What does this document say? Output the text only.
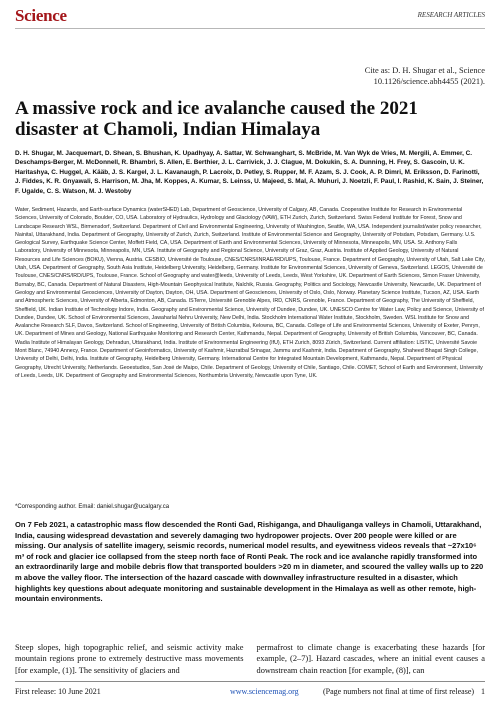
Science	RESEARCH ARTICLES
Cite as: D. H. Shugar et al., Science
10.1126/science.abh4455 (2021).
A massive rock and ice avalanche caused the 2021 disaster at Chamoli, Indian Himalaya

D. H. Shugar, M. Jacquemart, D. Shean, S. Bhushan, K. Upadhyay, A. Sattar, W. Schwanghart, S. McBride, M. Van Wyk de Vries, M. Mergili, A. Emmer, C. Deschamps-Berger, M. McDonnell, R. Bhambri, S. Allen, E. Berthier, J. L. Carrivick, J. J. Clague, M. Dokukin, S. A. Dunning, H. Frey, S. Gascoin, U. K. Haritashya, C. Huggel, A. Kääb, J. S. Kargel, J. L. Kavanaugh, P. Lacroix, D. Petley, S. Rupper, M. F. Azam, S. J. Cook, A. P. Dimri, M. Eriksson, D. Farinotti, J. Fiddes, K. R. Gnyawali, S. Harrison, M. Jha, M. Koppes, A. Kumar, S. Leinss, U. Majeed, S. Mal, A. Muhuri, J. Noetzli, F. Paul, I. Rashid, K. Sain, J. Steiner, F. Ugalde, C. S. Watson, M. J. Westoby

Water, Sediment, Hazards, and Earth-surface Dynamics (waterSHED) Lab, Department of Geoscience, University of Calgary, AB, Canada. Cooperative Institute for Research in Environmental Sciences, University of Colorado, Boulder, CO, USA. Laboratory of Hydraulics, Hydrology and Glaciology (VAW), ETH Zurich, Zurich, Switzerland. Swiss Federal Institute for Forest, Snow and Landscape Research WSL, Birmensdorf, Switzerland. Department of Civil and Environmental Engineering, University of Washington, Seattle, WA, USA. Independent journalist/water policy researcher, Nainital, Uttarakhand, India. Department of Geography, University of Zurich, Zurich, Switzerland. Institute of Environmental Science and Geography, University of Potsdam, Potsdam, Germany. U.S. Geological Survey, Earthquake Science Center, Moffett Field, CA, USA. Department of Earth and Environmental Sciences, University of Minnesota, Minneapolis, MN, USA. St. Anthony Falls Laboratory, University of Minnesota, Minneapolis, MN, USA. Institute of Geography and Regional Science, University of Graz, Graz, Austria. Institute of Applied Geology, University of Natural Resources and Life Sciences (BOKU), Vienna, Austria. CESBIO, Université de Toulouse, CNES/CNRS/INRAE/IRD/UPS, Toulouse, France. Department of Geography, University of Utah, Salt Lake City, Utah, USA. Department of Geography, South Asia Institute, Heidelberg University, Heidelberg, Germany. Institute for Environmental Sciences, University of Geneva, Switzerland. LEGOS, Université de Toulouse, CNES/CNRS/IRD/UPS, Toulouse, France. School of Geography and water@leeds, University of Leeds, Leeds, West Yorkshire, UK. Department of Earth Sciences, Simon Fraser University, Burnaby, BC, Canada. Department of Natural Disasters, High-Mountain Geophysical Institute, Nalchik, Russia. Geography, Politics and Sociology, Newcastle University, Newcastle, UK. Department of Geology and Environmental Geosciences, University of Dayton, Dayton, OH, USA. Department of Geosciences, University of Oslo, Oslo, Norway. Planetary Science Institute, Tucson, AZ, USA. Earth and Atmospheric Sciences, University of Alberta, Edmonton, AB, Canada. ISTerre, Université Grenoble Alpes, IRD, CNRS, Grenoble, France. Department of Geography, The University of Sheffield, Sheffield, UK. Indian Institute of Technology Indore, India. Geography and Environmental Science, University of Dundee, Dundee, UK. UNESCO Centre for Water Law, Policy and Science, University of Dundee, Dundee, UK. School of Environmental Sciences, Jawaharlal Nehru University, New Delhi, India. Stockholm International Water Institute, Stockholm, Sweden. WSL Institute for Snow and Avalanche Research SLF, Davos, Switzerland. School of Engineering, University of British Columbia, Kelowna, BC, Canada. College of Life and Environmental Sciences, University of Exeter, Penryn, UK. Department of Mines and Geology, National Earthquake Monitoring and Research Center, Kathmandu, Nepal. Department of Geography, University of British Columbia, Vancouver, BC, Canada. Wadia Institute of Himalayan Geology, Dehradun, Uttarakhand, India. Institute of Environmental Engineering (IfU), ETH Zurich, 8093 Zürich, Switzerland. Current affiliation: LISTIC, Université Savoie Mont Blanc, 74940 Annecy, France. Department of Geoinformatics, University of Kashmir, Hazratbal Srinagar, Jammu and Kashmir, India. Department of Geography, Shaheed Bhagat Singh College, University of Delhi, Delhi, India. Institute of Geography, Heidelberg University, Germany. International Centre for Integrated Mountain Development, Kathmandu, Nepal. Department of Physical Geography, Utrecht University, Netherlands. Geoestudios, San José de Maipo, Chile. Department of Geology, University of Chile, Santiago, Chile. COMET, School of Earth and Environment, University of Leeds, Leeds, UK. Department of Geography and Environmental Sciences, Northumbria University, Newcastle upon Tyne, UK.

*Corresponding author. Email: daniel.shugar@ucalgary.ca

On 7 Feb 2021, a catastrophic mass flow descended the Ronti Gad, Rishiganga, and Dhauliganga valleys in Chamoli, Uttarakhand, India, causing widespread devastation and severely damaging two hydropower projects. Over 200 people were killed or are missing. Our analysis of satellite imagery, seismic records, numerical model results, and eyewitness videos reveals that ~27x10⁶ m³ of rock and glacier ice collapsed from the steep north face of Ronti Peak. The rock and ice avalanche rapidly transformed into an extraordinarily large and mobile debris flow that transported boulders >20 m in diameter, and scoured the valley walls up to 220 m above the valley floor. The intersection of the hazard cascade with downvalley infrastructure resulted in a disaster, which highlights key questions about adequate monitoring and sustainable development in the Himalaya as well as other remote, high-mountain environments.

Steep slopes, high topographic relief, and seismic activity make mountain regions prone to extremely destructive mass movements [for example, (1)]. The sensitivity of glaciers and

permafrost to climate change is exacerbating these hazards [for example, (2–7)]. Hazard cascades, where an initial event causes a downstream chain reaction [for example, (8)], can

First release: 10 June 2021	www.sciencemag.org	(Page numbers not final at time of first release) 1
